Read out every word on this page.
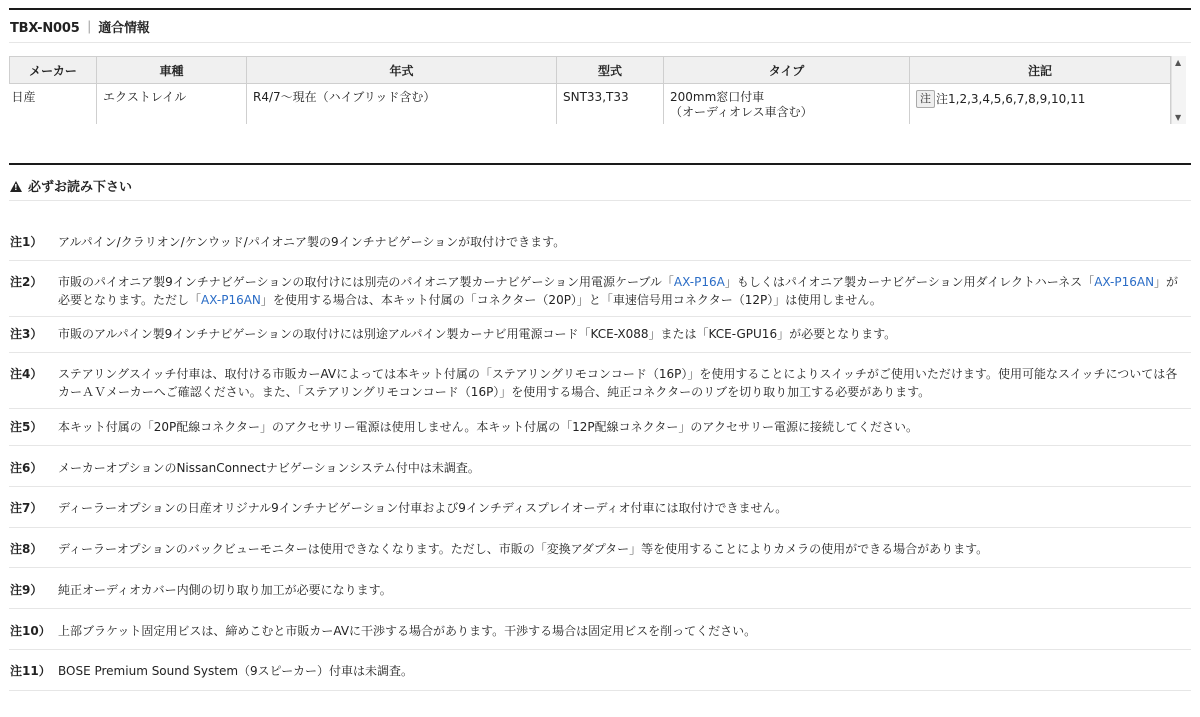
TBX-N005 ｜ 適合情報
メーカー	車種	年式	型式	タイプ	注記
日産	エクストレイル	R4/7〜現在（ハイブリッド含む）	SNT33,T33	200mm窓口付車
（オーディオレス車含む）	注 注1,2,3,4,5,6,7,8,9,10,11
▲
▼
!必ずお読み下さい
注1） アルパイン/クラリオン/ケンウッド/パイオニア製の9インチナビゲーションが取付けできます。
注2） 市販のパイオニア製9インチナビゲーションの取付けには別売のパイオニア製カーナビゲーション用電源ケーブル「AX-P16A」もしくはパイオニア製カーナビゲーション用ダイレクトハーネス「AX-P16AN」が必要となります。ただし「AX-P16AN」を使用する場合は、本キット付属の「コネクター（20P）」と「車速信号用コネクター（12P）」は使用しません。
注3） 市販のアルパイン製9インチナビゲーションの取付けには別途アルパイン製カーナビ用電源コード「KCE-X088」または「KCE-GPU16」が必要となります。
注4） ステアリングスイッチ付車は、取付ける市販カーAVによっては本キット付属の「ステアリングリモコンコード（16P）」を使用することによりスイッチがご使用いただけます。使用可能なスイッチについては各カーＡＶメーカーへご確認ください。また、「ステアリングリモコンコード（16P）」を使用する場合、純正コネクターのリブを切り取り加工する必要があります。
注5） 本キット付属の「20P配線コネクター」のアクセサリー電源は使用しません。本キット付属の「12P配線コネクター」のアクセサリー電源に接続してください。
注6） メーカーオプションのNissanConnectナビゲーションシステム付中は未調査。
注7） ディーラーオプションの日産オリジナル9インチナビゲーション付車および9インチディスプレイオーディオ付車には取付けできません。
注8） ディーラーオプションのバックビューモニターは使用できなくなります。ただし、市販の「変換アダプター」等を使用することによりカメラの使用ができる場合があります。
注9） 純正オーディオカバー内側の切り取り加工が必要になります。
注10） 上部ブラケット固定用ビスは、締めこむと市販カーAVに干渉する場合があります。干渉する場合は固定用ビスを削ってください。
注11） BOSE Premium Sound System（9スピーカー）付車は未調査。
